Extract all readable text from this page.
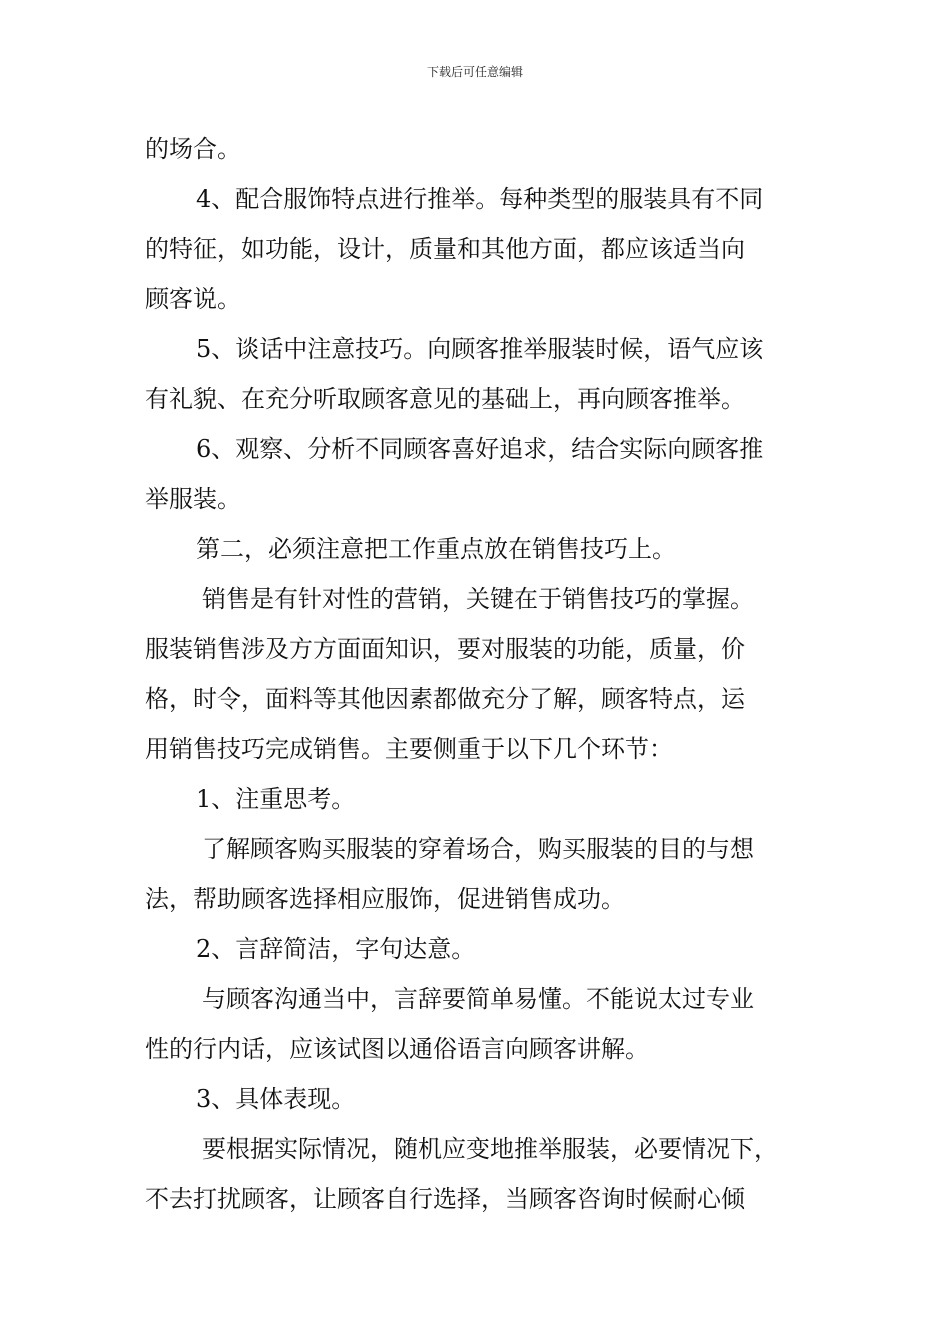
下载后可任意编辑
的场合。
4、配合服饰特点进行推举。每种类型的服装具有不同
的特征，如功能，设计，质量和其他方面，都应该适当向
顾客说。
5、谈话中注意技巧。向顾客推举服装时候，语气应该
有礼貌、在充分听取顾客意见的基础上，再向顾客推举。
6、观察、分析不同顾客喜好追求，结合实际向顾客推
举服装。
第二，必须注意把工作重点放在销售技巧上。
销售是有针对性的营销，关键在于销售技巧的掌握。
服装销售涉及方方面面知识，要对服装的功能，质量，价
格，时令，面料等其他因素都做充分了解，顾客特点，运
用销售技巧完成销售。主要侧重于以下几个环节：
1、注重思考。
了解顾客购买服装的穿着场合，购买服装的目的与想
法，帮助顾客选择相应服饰，促进销售成功。
2、言辞简洁，字句达意。
与顾客沟通当中，言辞要简单易懂。不能说太过专业
性的行内话，应该试图以通俗语言向顾客讲解。
3、具体表现。
要根据实际情况，随机应变地推举服装，必要情况下，
不去打扰顾客，让顾客自行选择，当顾客咨询时候耐心倾
